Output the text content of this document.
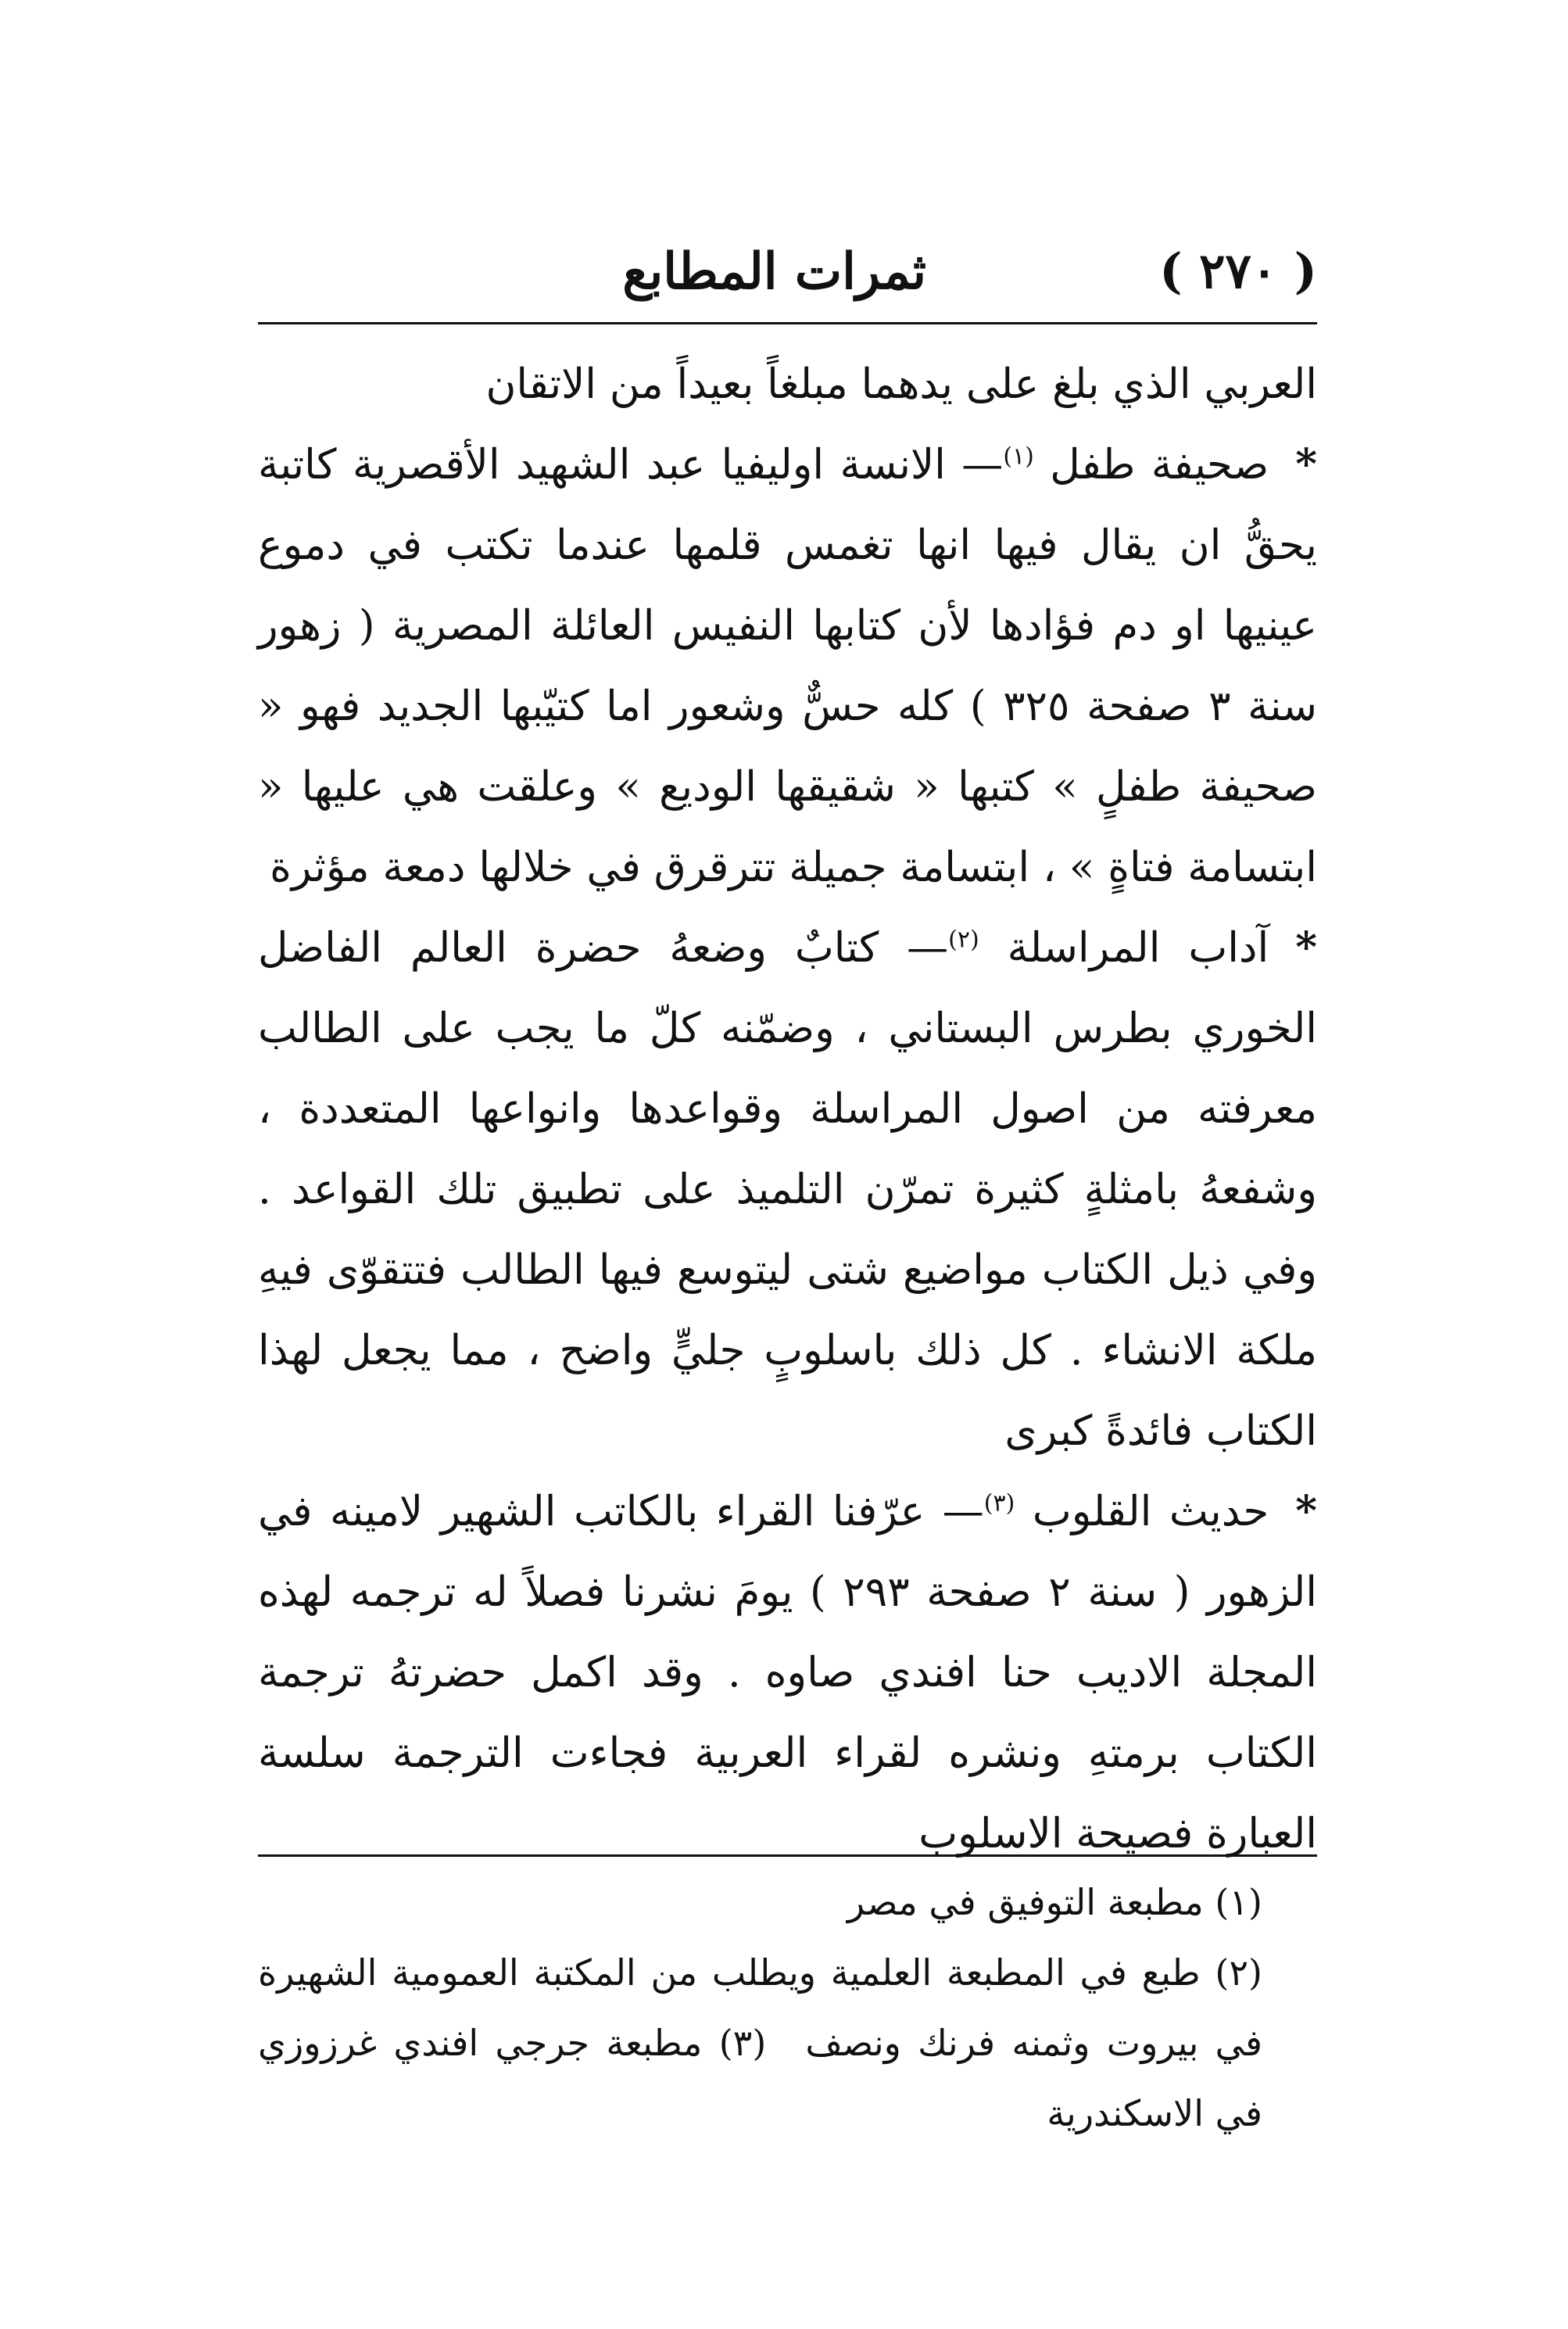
( ٢٧٠ )
ثمرات المطابع

العربي الذي بلغ على يدهما مبلغاً بعيداً من الاتقان

*صحيفة طفل $^{(١)}$— الانسة اوليفيا عبد الشهيد الأقصرية كاتبة يحقُّ ان يقال فيها انها تغمس قلمها عندما تكتب في دموع عينيها او دم فؤادها لأن كتابها النفيس العائلة المصرية ( زهور سنة ٣ صفحة ٣٢٥ ) كله حسٌّ وشعور اما كتيّبها الجديد فهو « صحيفة طفلٍ » كتبها « شقيقها الوديع » وعلقت هي عليها « ابتسامة فتاةٍ » ، ابتسامة جميلة تترقرق في خلالها دمعة مؤثرة

*آداب المراسلة $^{(٢)}$— كتابٌ وضعهُ حضرة العالم الفاضل الخوري بطرس البستاني ، وضمّنه كلّ ما يجب على الطالب معرفته من اصول المراسلة وقواعدها وانواعها المتعددة ، وشفعهُ بامثلةٍ كثيرة تمرّن التلميذ على تطبيق تلك القواعد . وفي ذيل الكتاب مواضيع شتى ليتوسع فيها الطالب فتتقوّى فيهِ ملكة الانشاء . كل ذلك باسلوبٍ جليٍّ واضح ، مما يجعل لهذا الكتاب فائدةً كبرى

*حديث القلوب $^{(٣)}$— عرّفنا القراء بالكاتب الشهير لامينه في الزهور ( سنة ٢ صفحة ٢٩٣ ) يومَ نشرنا فصلاً له ترجمه لهذه المجلة الاديب حنا افندي صاوه . وقد اكمل حضرتهُ ترجمة الكتاب برمتهِ ونشره لقراء العربية فجاءت الترجمة سلسة العبارة فصيحة الاسلوب

(١) مطبعة التوفيق في مصر

(٢) طبع في المطبعة العلمية ويطلب من المكتبة العمومية الشهيرة في بيروت وثمنه فرنك ونصف(٣) مطبعة جرجي افندي غرزوزي في الاسكندرية
